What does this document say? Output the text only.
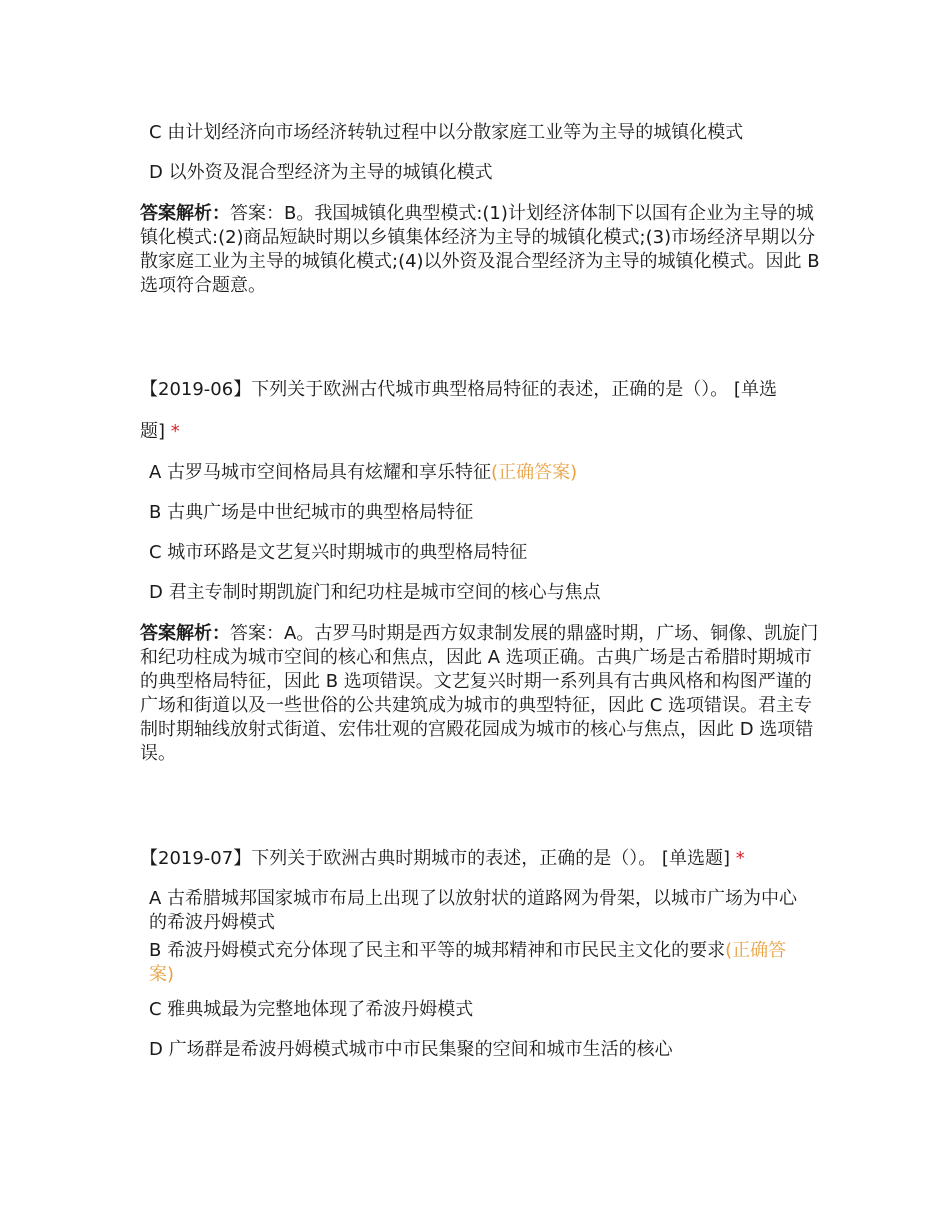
C 由计划经济向市场经济转轨过程中以分散家庭工业等为主导的城镇化模式
D 以外资及混合型经济为主导的城镇化模式
答案解析：答案：B。我国城镇化典型模式:(1)计划经济体制下以国有企业为主导的城镇化模式:(2)商品短缺时期以乡镇集体经济为主导的城镇化模式;(3)市场经济早期以分散家庭工业为主导的城镇化模式;(4)以外资及混合型经济为主导的城镇化模式。因此 B 选项符合题意。
【2019-06】下列关于欧洲古代城市典型格局特征的表述，正确的是（）。 [单选题] *
A 古罗马城市空间格局具有炫耀和享乐特征(正确答案)
B 古典广场是中世纪城市的典型格局特征
C 城市环路是文艺复兴时期城市的典型格局特征
D 君主专制时期凯旋门和纪功柱是城市空间的核心与焦点
答案解析：答案：A。古罗马时期是西方奴隶制发展的鼎盛时期，广场、铜像、凯旋门和纪功柱成为城市空间的核心和焦点，因此 A 选项正确。古典广场是古希腊时期城市的典型格局特征，因此 B 选项错误。文艺复兴时期一系列具有古典风格和构图严谨的广场和街道以及一些世俗的公共建筑成为城市的典型特征，因此 C 选项错误。君主专制时期轴线放射式街道、宏伟壮观的宫殿花园成为城市的核心与焦点，因此 D 选项错误。
【2019-07】下列关于欧洲古典时期城市的表述，正确的是（）。 [单选题] *
A 古希腊城邦国家城市布局上出现了以放射状的道路网为骨架，以城市广场为中心的希波丹姆模式
B 希波丹姆模式充分体现了民主和平等的城邦精神和市民民主文化的要求(正确答案)
C 雅典城最为完整地体现了希波丹姆模式
D 广场群是希波丹姆模式城市中市民集聚的空间和城市生活的核心
